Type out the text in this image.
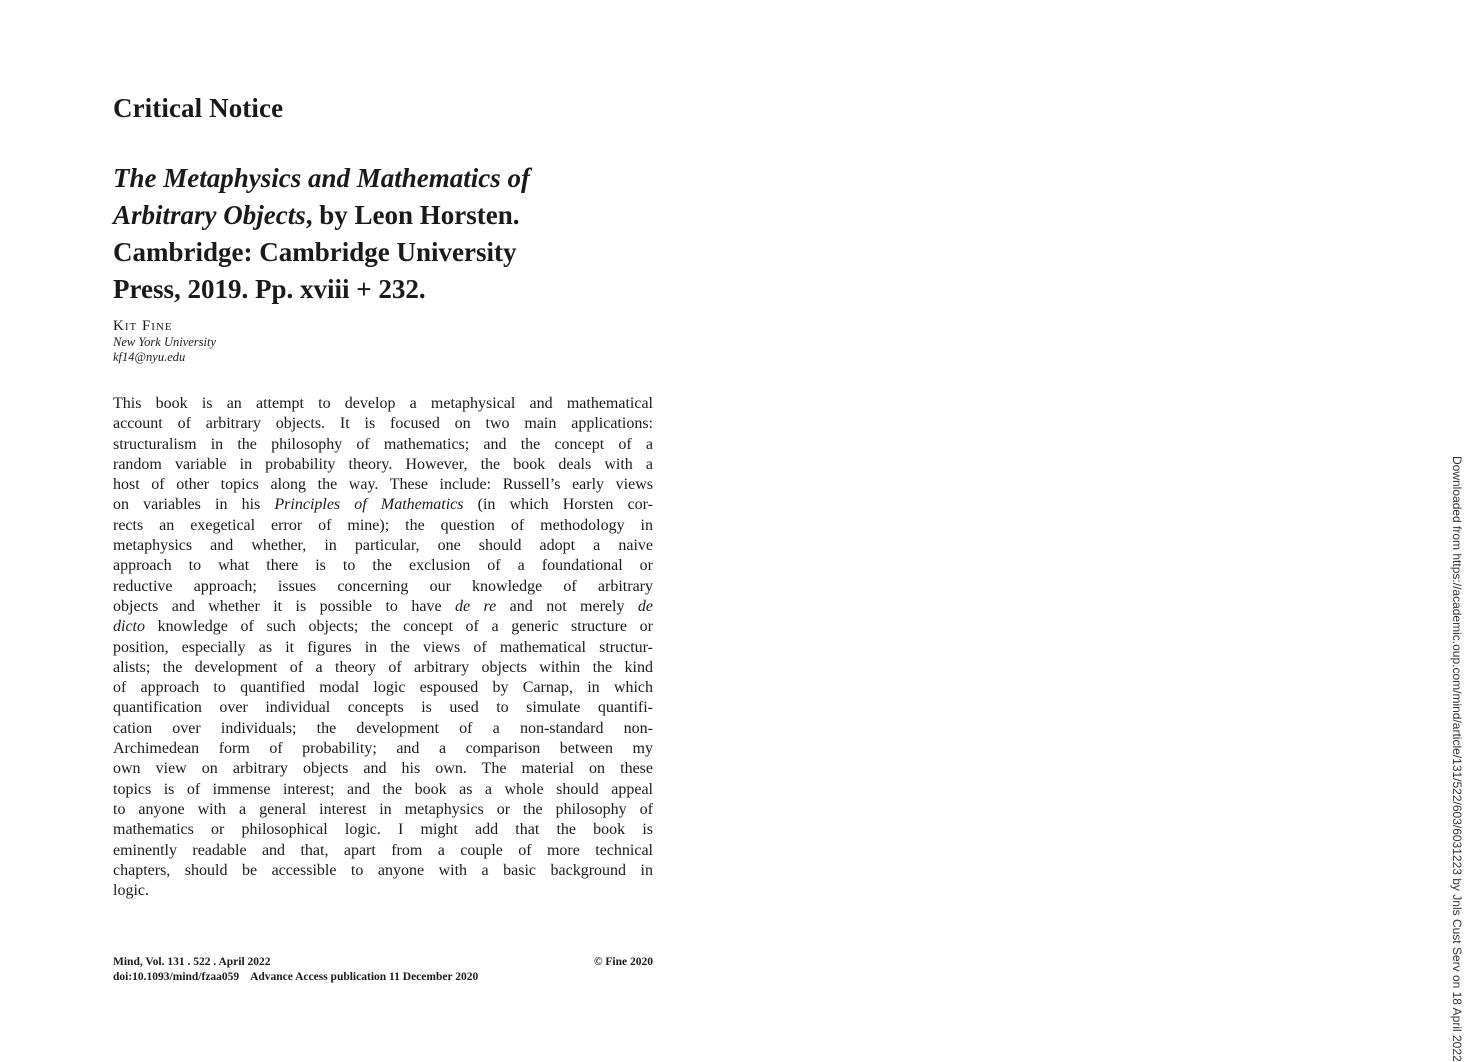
Critical Notice
The Metaphysics and Mathematics of
Arbitrary Objects, by Leon Horsten.
Cambridge: Cambridge University
Press, 2019. Pp. xviii + 232.
Kit Fine
New York University
kf14@nyu.edu
This book is an attempt to develop a metaphysical and mathematical
account of arbitrary objects. It is focused on two main applications:
structuralism in the philosophy of mathematics; and the concept of a
random variable in probability theory. However, the book deals with a
host of other topics along the way. These include: Russell’s early views
on variables in his Principles of Mathematics (in which Horsten cor-
rects an exegetical error of mine); the question of methodology in
metaphysics and whether, in particular, one should adopt a naive
approach to what there is to the exclusion of a foundational or
reductive approach; issues concerning our knowledge of arbitrary
objects and whether it is possible to have de re and not merely de
dicto knowledge of such objects; the concept of a generic structure or
position, especially as it figures in the views of mathematical structur-
alists; the development of a theory of arbitrary objects within the kind
of approach to quantified modal logic espoused by Carnap, in which
quantification over individual concepts is used to simulate quantifi-
cation over individuals; the development of a non-standard non-
Archimedean form of probability; and a comparison between my
own view on arbitrary objects and his own. The material on these
topics is of immense interest; and the book as a whole should appeal
to anyone with a general interest in metaphysics or the philosophy of
mathematics or philosophical logic. I might add that the book is
eminently readable and that, apart from a couple of more technical
chapters, should be accessible to anyone with a basic background in
logic.
Mind, Vol. 131 . 522 . April 2022	© Fine 2020
doi:10.1093/mind/fzaa059 Advance Access publication 11 December 2020	Downloaded from https://academic.oup.com/mind/article/131/522/603/6031223 by Jnls Cust Serv on 18 April 2022
